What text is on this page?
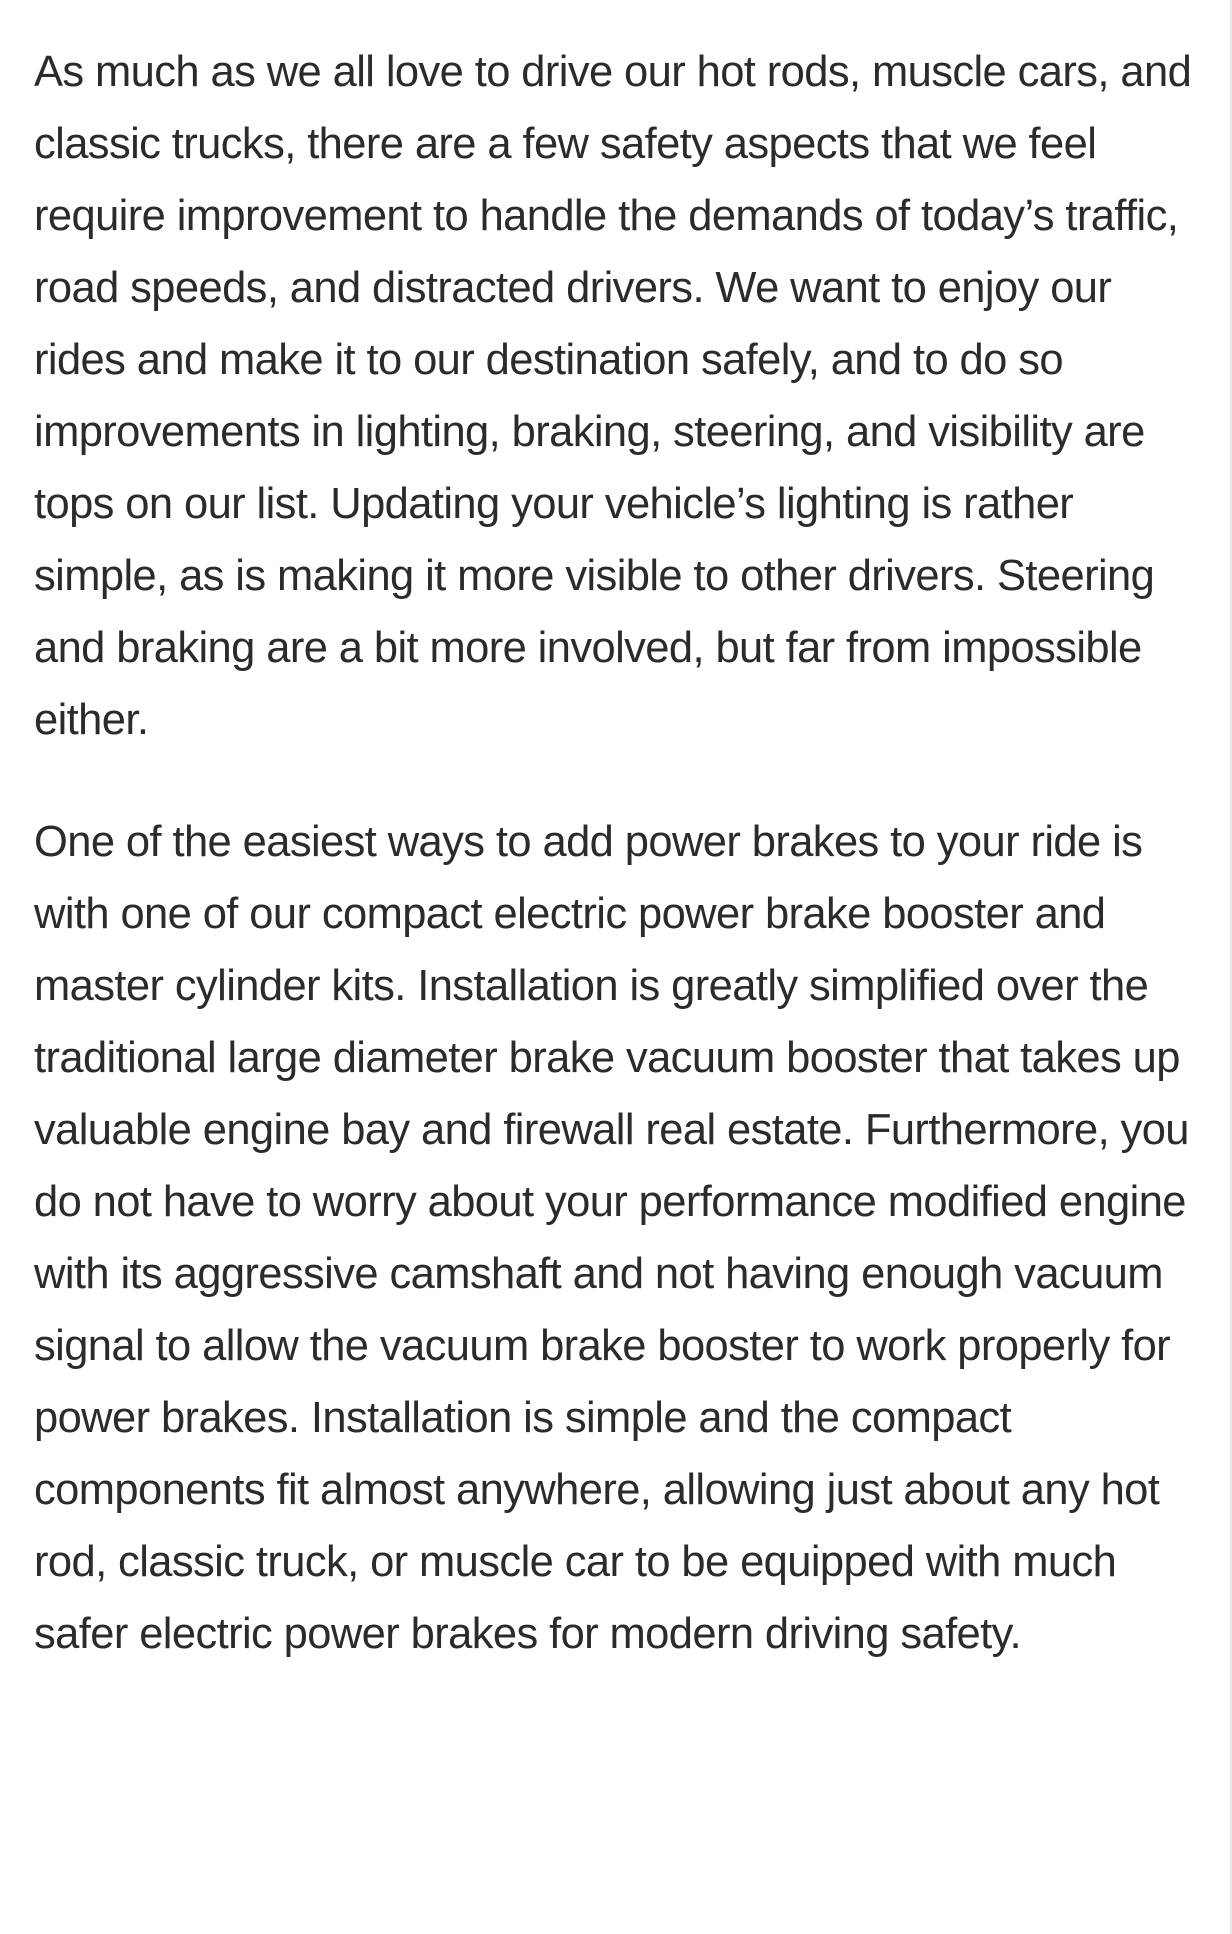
As much as we all love to drive our hot rods, muscle cars, and classic trucks, there are a few safety aspects that we feel require improvement to handle the demands of today’s traffic, road speeds, and distracted drivers. We want to enjoy our rides and make it to our destination safely, and to do so improvements in lighting, braking, steering, and visibility are tops on our list. Updating your vehicle’s lighting is rather simple, as is making it more visible to other drivers. Steering and braking are a bit more involved, but far from impossible either.

One of the easiest ways to add power brakes to your ride is with one of our compact electric power brake booster and master cylinder kits. Installation is greatly simplified over the traditional large diameter brake vacuum booster that takes up valuable engine bay and firewall real estate. Furthermore, you do not have to worry about your performance modified engine with its aggressive camshaft and not having enough vacuum signal to allow the vacuum brake booster to work properly for power brakes. Installation is simple and the compact components fit almost anywhere, allowing just about any hot rod, classic truck, or muscle car to be equipped with much safer electric power brakes for modern driving safety.
